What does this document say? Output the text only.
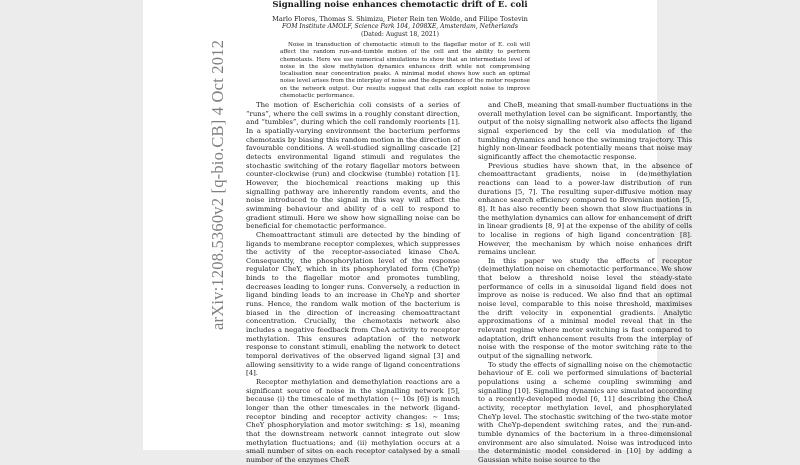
Signalling noise enhances chemotactic drift of E. coli
Marlo Flores, Thomas S. Shimizu, Pieter Rein ten Wolde, and Filipe Tostevin
FOM Institute AMOLF, Science Park 104, 1098XE, Amsterdam, Netherlands
(Dated: August 18, 2021)
Noise in transduction of chemotactic stimuli to the flagellar motor of E. coli will affect the random run-and-tumble motion of the cell and the ability to perform chemotaxis. Here we use numerical simulations to show that an intermediate level of noise in the slow methylation dynamics enhances drift while not compromising localisation near concentration peaks. A minimal model shows how such an optimal noise level arises from the interplay of noise and the dependence of the motor response on the network output. Our results suggest that cells can exploit noise to improve chemotactic performance.

The motion of Escherichia coli consists of a series of “runs”, where the cell swims in a roughly constant direction, and “tumbles”, during which the cell randomly reorients [1]. In a spatially-varying environment the bacterium performs chemotaxis by biasing this random motion in the direction of favourable conditions. A well-studied signalling cascade [2] detects environmental ligand stimuli and regulates the stochastic switching of the rotary flagellar motors between counter-clockwise (run) and clockwise (tumble) rotation [1]. However, the biochemical reactions making up this signalling pathway are inherently random events, and the noise introduced to the signal in this way will affect the swimming behaviour and ability of a cell to respond to gradient stimuli. Here we show how signalling noise can be beneficial for chemotactic performance.

Chemoattractant stimuli are detected by the binding of ligands to membrane receptor complexes, which suppresses the activity of the receptor-associated kinase CheA. Consequently, the phosphorylation level of the response regulator CheY, which in its phosphorylated form (CheYp) binds to the flagellar motor and promotes tumbling, decreases leading to longer runs. Conversely, a reduction in ligand binding leads to an increase in CheYp and shorter runs. Hence, the random walk motion of the bacterium is biased in the direction of increasing chemoattractant concentration. Crucially, the chemotaxis network also includes a negative feedback from CheA activity to receptor methylation. This ensures adaptation of the network response to constant stimuli, enabling the network to detect temporal derivatives of the observed ligand signal [3] and allowing sensitivity to a wide range of ligand concentrations [4].

Receptor methylation and demethylation reactions are a significant source of noise in the signalling network [5], because (i) the timescale of methylation (∼ 10s [6]) is much longer than the other timescales in the network (ligand-receptor binding and receptor activity changes: ∼ 1ms; CheY phosphorylation and motor switching: ≲ 1s), meaning that the downstream network cannot integrate out slow methylation fluctuations; and (ii) methylation occurs at a small number of sites on each receptor catalysed by a small number of the enzymes CheR

and CheB, meaning that small-number fluctuations in the overall methylation level can be significant. Importantly, the output of the noisy signalling network also affects the ligand signal experienced by the cell via modulation of the tumbling dynamics and hence the swimming trajectory. This highly non-linear feedback potentially means that noise may significantly affect the chemotactic response.

Previous studies have shown that, in the absence of chemoattractant gradients, noise in (de)methylation reactions can lead to a power-law distribution of run durations [5, 7]. The resulting super-diffusive motion may enhance search efficiency compared to Brownian motion [5, 8]. It has also recently been shown that slow fluctuations in the methylation dynamics can allow for enhancement of drift in linear gradients [8, 9] at the expense of the ability of cells to localise in regions of high ligand concentration [8]. However, the mechanism by which noise enhances drift remains unclear.

In this paper we study the effects of receptor (de)methylation noise on chemotactic performance. We show that below a threshold noise level the steady-state performance of cells in a sinusoidal ligand field does not improve as noise is reduced. We also find that an optimal noise level, comparable to this noise threshold, maximises the drift velocity in exponential gradients. Analytic approximations of a minimal model reveal that in the relevant regime where motor switching is fast compared to adaptation, drift enhancement results from the interplay of noise with the response of the motor switching rate to the output of the signalling network.

To study the effects of signalling noise on the chemotactic behaviour of E. coli we performed simulations of bacterial populations using a scheme coupling swimming and signalling [10]. Signalling dynamics are simulated according to a recently-developed model [6, 11] describing the CheA activity, receptor methylation level, and phosphorylated CheYp level. The stochastic switching of the two-state motor with CheYp-dependent switching rates, and the run-and-tumble dynamics of the bacterium in a three-dimensional environment are also simulated. Noise was introduced into the deterministic model considered in [10] by adding a Gaussian white noise source to the

arXiv:1208.5360v2 [q-bio.CB] 4 Oct 2012
